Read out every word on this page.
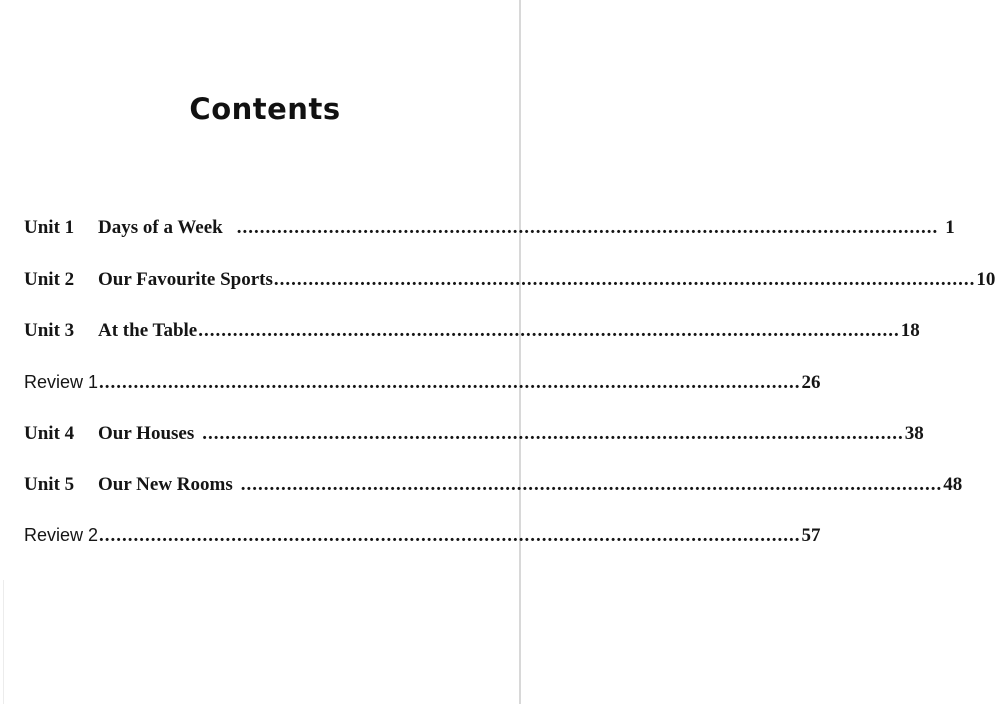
Contents
Unit 1	Days of a Week .......................................................................................................................... 1
Unit 2	Our Favourite Sports .......................................................................................................................... 10
Unit 3	At the Table .......................................................................................................................... 18
Review 1 .......................................................................................................................... 26
Unit 4	Our Houses .......................................................................................................................... 38
Unit 5	Our New Rooms .......................................................................................................................... 48
Review 2 .......................................................................................................................... 57
